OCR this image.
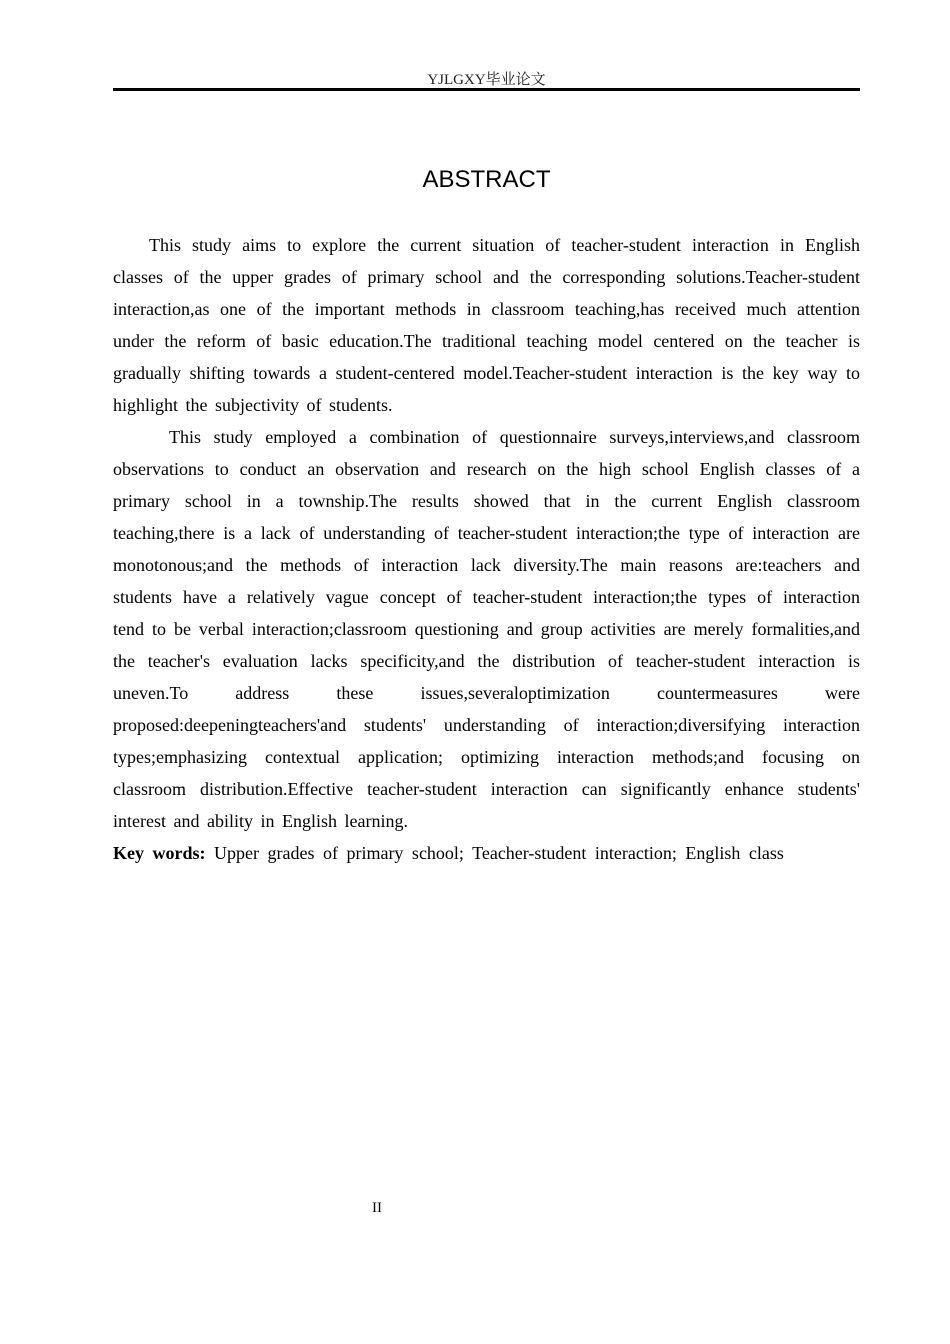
YJLGXY毕业论文
ABSTRACT

This study aims to explore the current situation of teacher-student interaction in English classes of the upper grades of primary school and the corresponding solutions.Teacher-student interaction,as one of the important methods in classroom teaching,has received much attention under the reform of basic education.The traditional teaching model centered on the teacher is gradually shifting towards a student-centered model.Teacher-student interaction is the key way to highlight the subjectivity of students.

This study employed a combination of questionnaire surveys,interviews,and classroom observations to conduct an observation and research on the high school English classes of a primary school in a township.The results showed that in the current English classroom teaching,there is a lack of understanding of teacher-student interaction;the type of interaction are monotonous;and the methods of interaction lack diversity.The main reasons are:teachers and students have a relatively vague concept of teacher-student interaction;the types of interaction tend to be verbal interaction;classroom questioning and group activities are merely formalities,and the teacher's evaluation lacks specificity,and the distribution of teacher-student interaction is uneven.To address these issues,severaloptimization countermeasures were proposed:deepeningteachers'and students' understanding of interaction;diversifying interaction types;emphasizing contextual application; optimizing interaction methods;and focusing on classroom distribution.Effective teacher-student interaction can significantly enhance students' interest and ability in English learning.

Key words: Upper grades of primary school; Teacher-student interaction; English class

II
